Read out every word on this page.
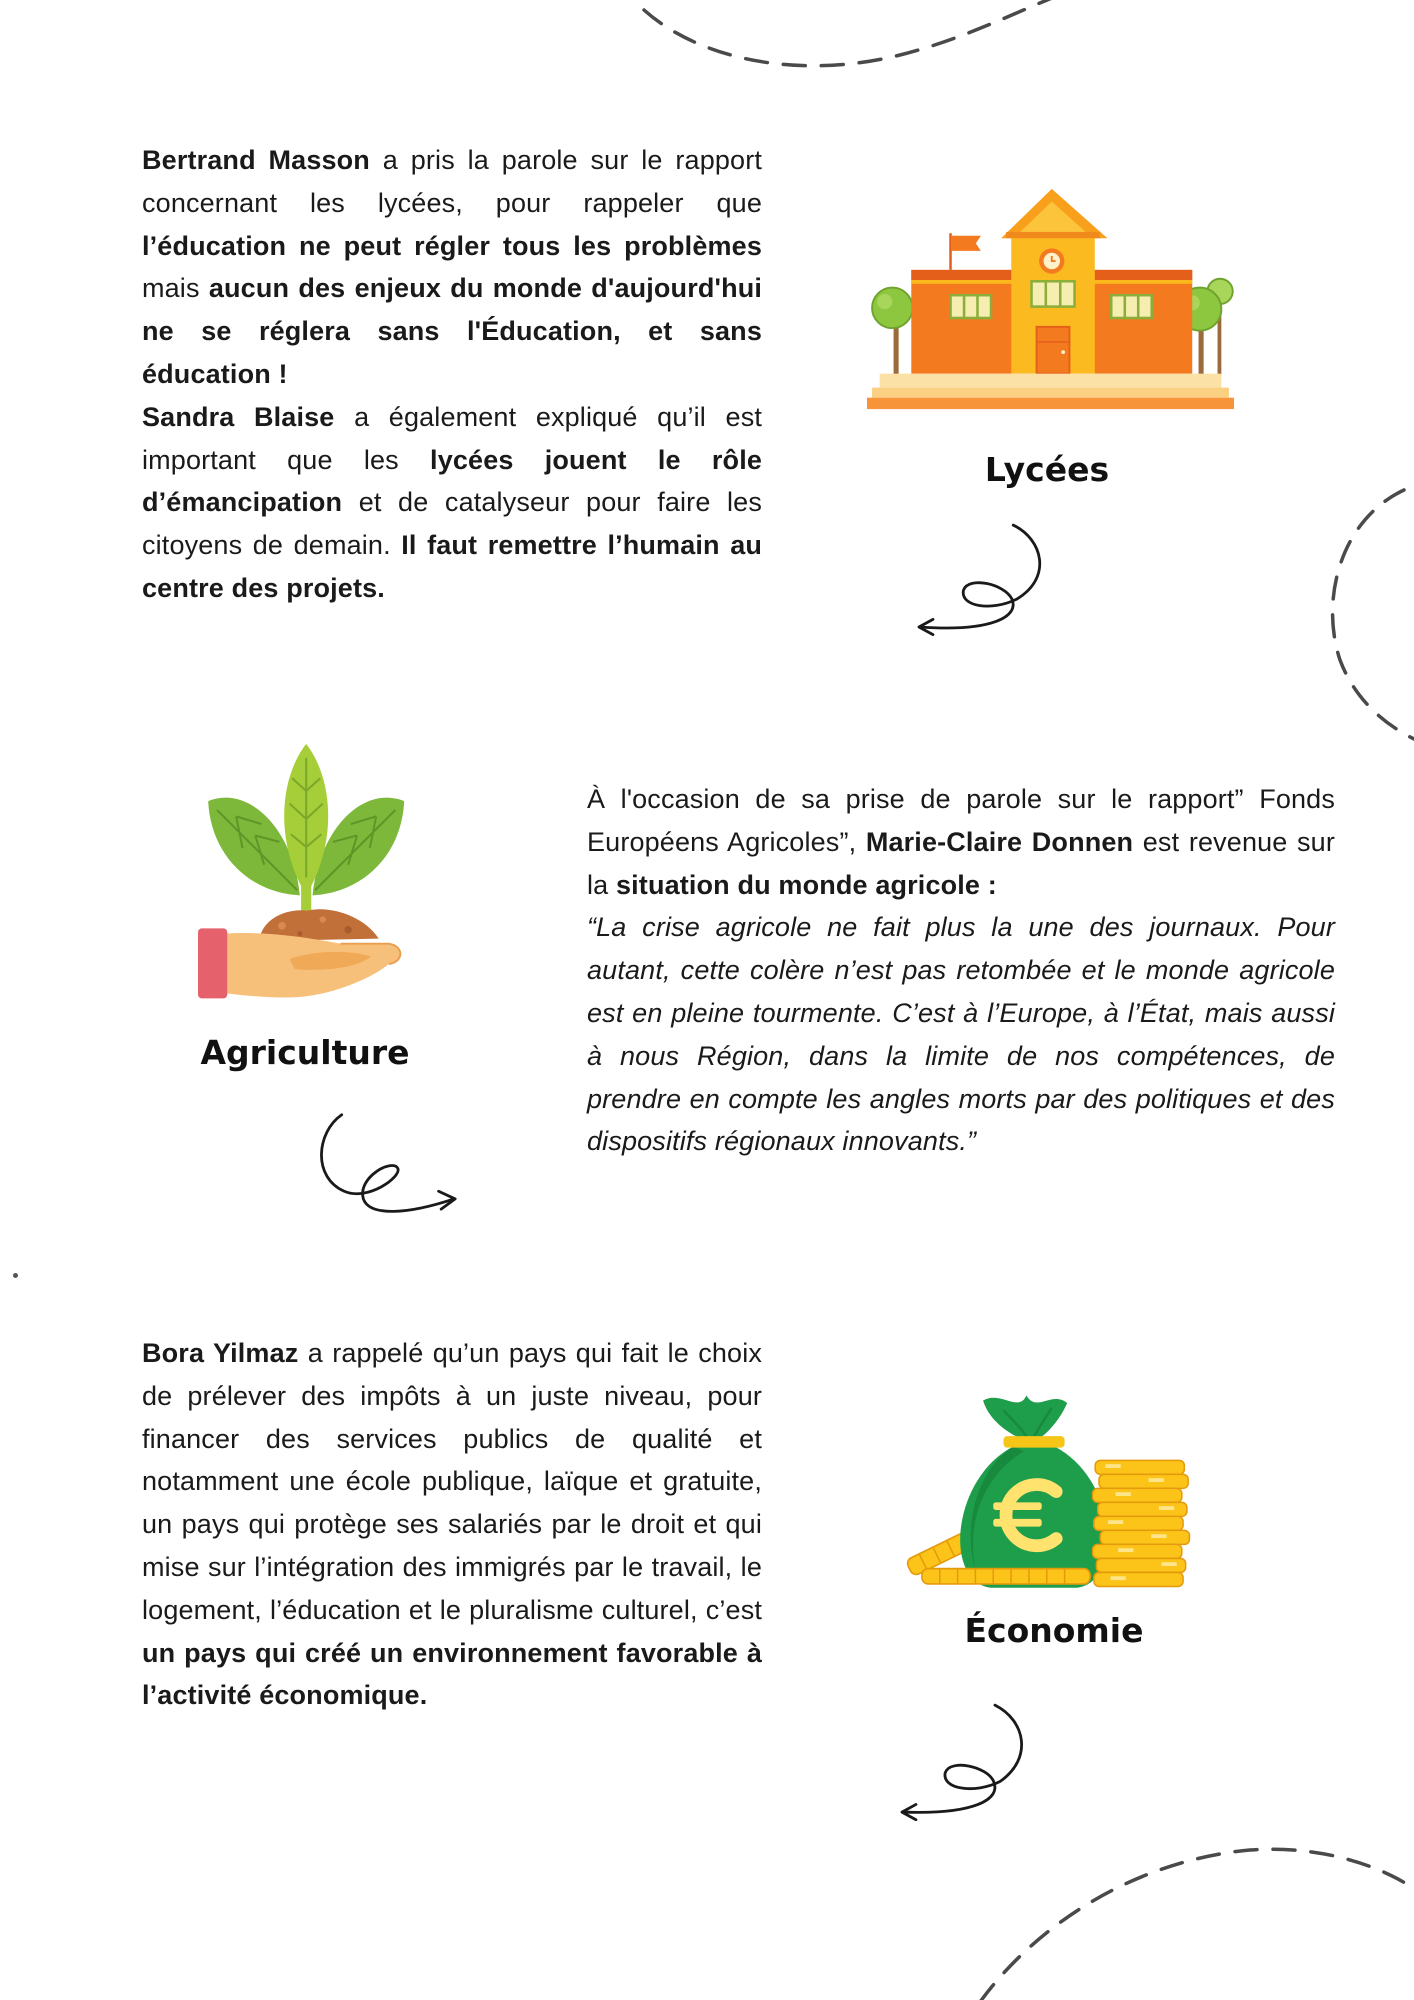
Bertrand Masson a pris la parole sur le rapport concernant les lycées, pour rappeler que l’éducation ne peut régler tous les problèmes mais aucun des enjeux du monde d'aujourd'hui ne se réglera sans l'Éducation, et sans éducation !

Sandra Blaise a également expliqué qu’il est important que les lycées jouent le rôle d’émancipation et de catalyseur pour faire les citoyens de demain. Il faut remettre l’humain au centre des projets.

Lycées
Agriculture

À l'occasion de sa prise de parole sur le rapport” Fonds Européens Agricoles”, Marie-Claire Donnen est revenue sur la situation du monde agricole :

“La crise agricole ne fait plus la une des journaux. Pour autant, cette colère n’est pas retombée et le monde agricole est en pleine tourmente. C’est à l’Europe, à l’État, mais aussi à nous Région, dans la limite de nos compétences, de prendre en compte les angles morts par des politiques et des dispositifs régionaux innovants.”

Bora Yilmaz a rappelé qu’un pays qui fait le choix de prélever des impôts à un juste niveau, pour financer des services publics de qualité et notamment une école publique, laïque et gratuite, un pays qui protège ses salariés par le droit et qui mise sur l’intégration des immigrés par le travail, le logement, l’éducation et le pluralisme culturel, c’est un pays qui créé un environnement favorable à l’activité économique.

Économie
